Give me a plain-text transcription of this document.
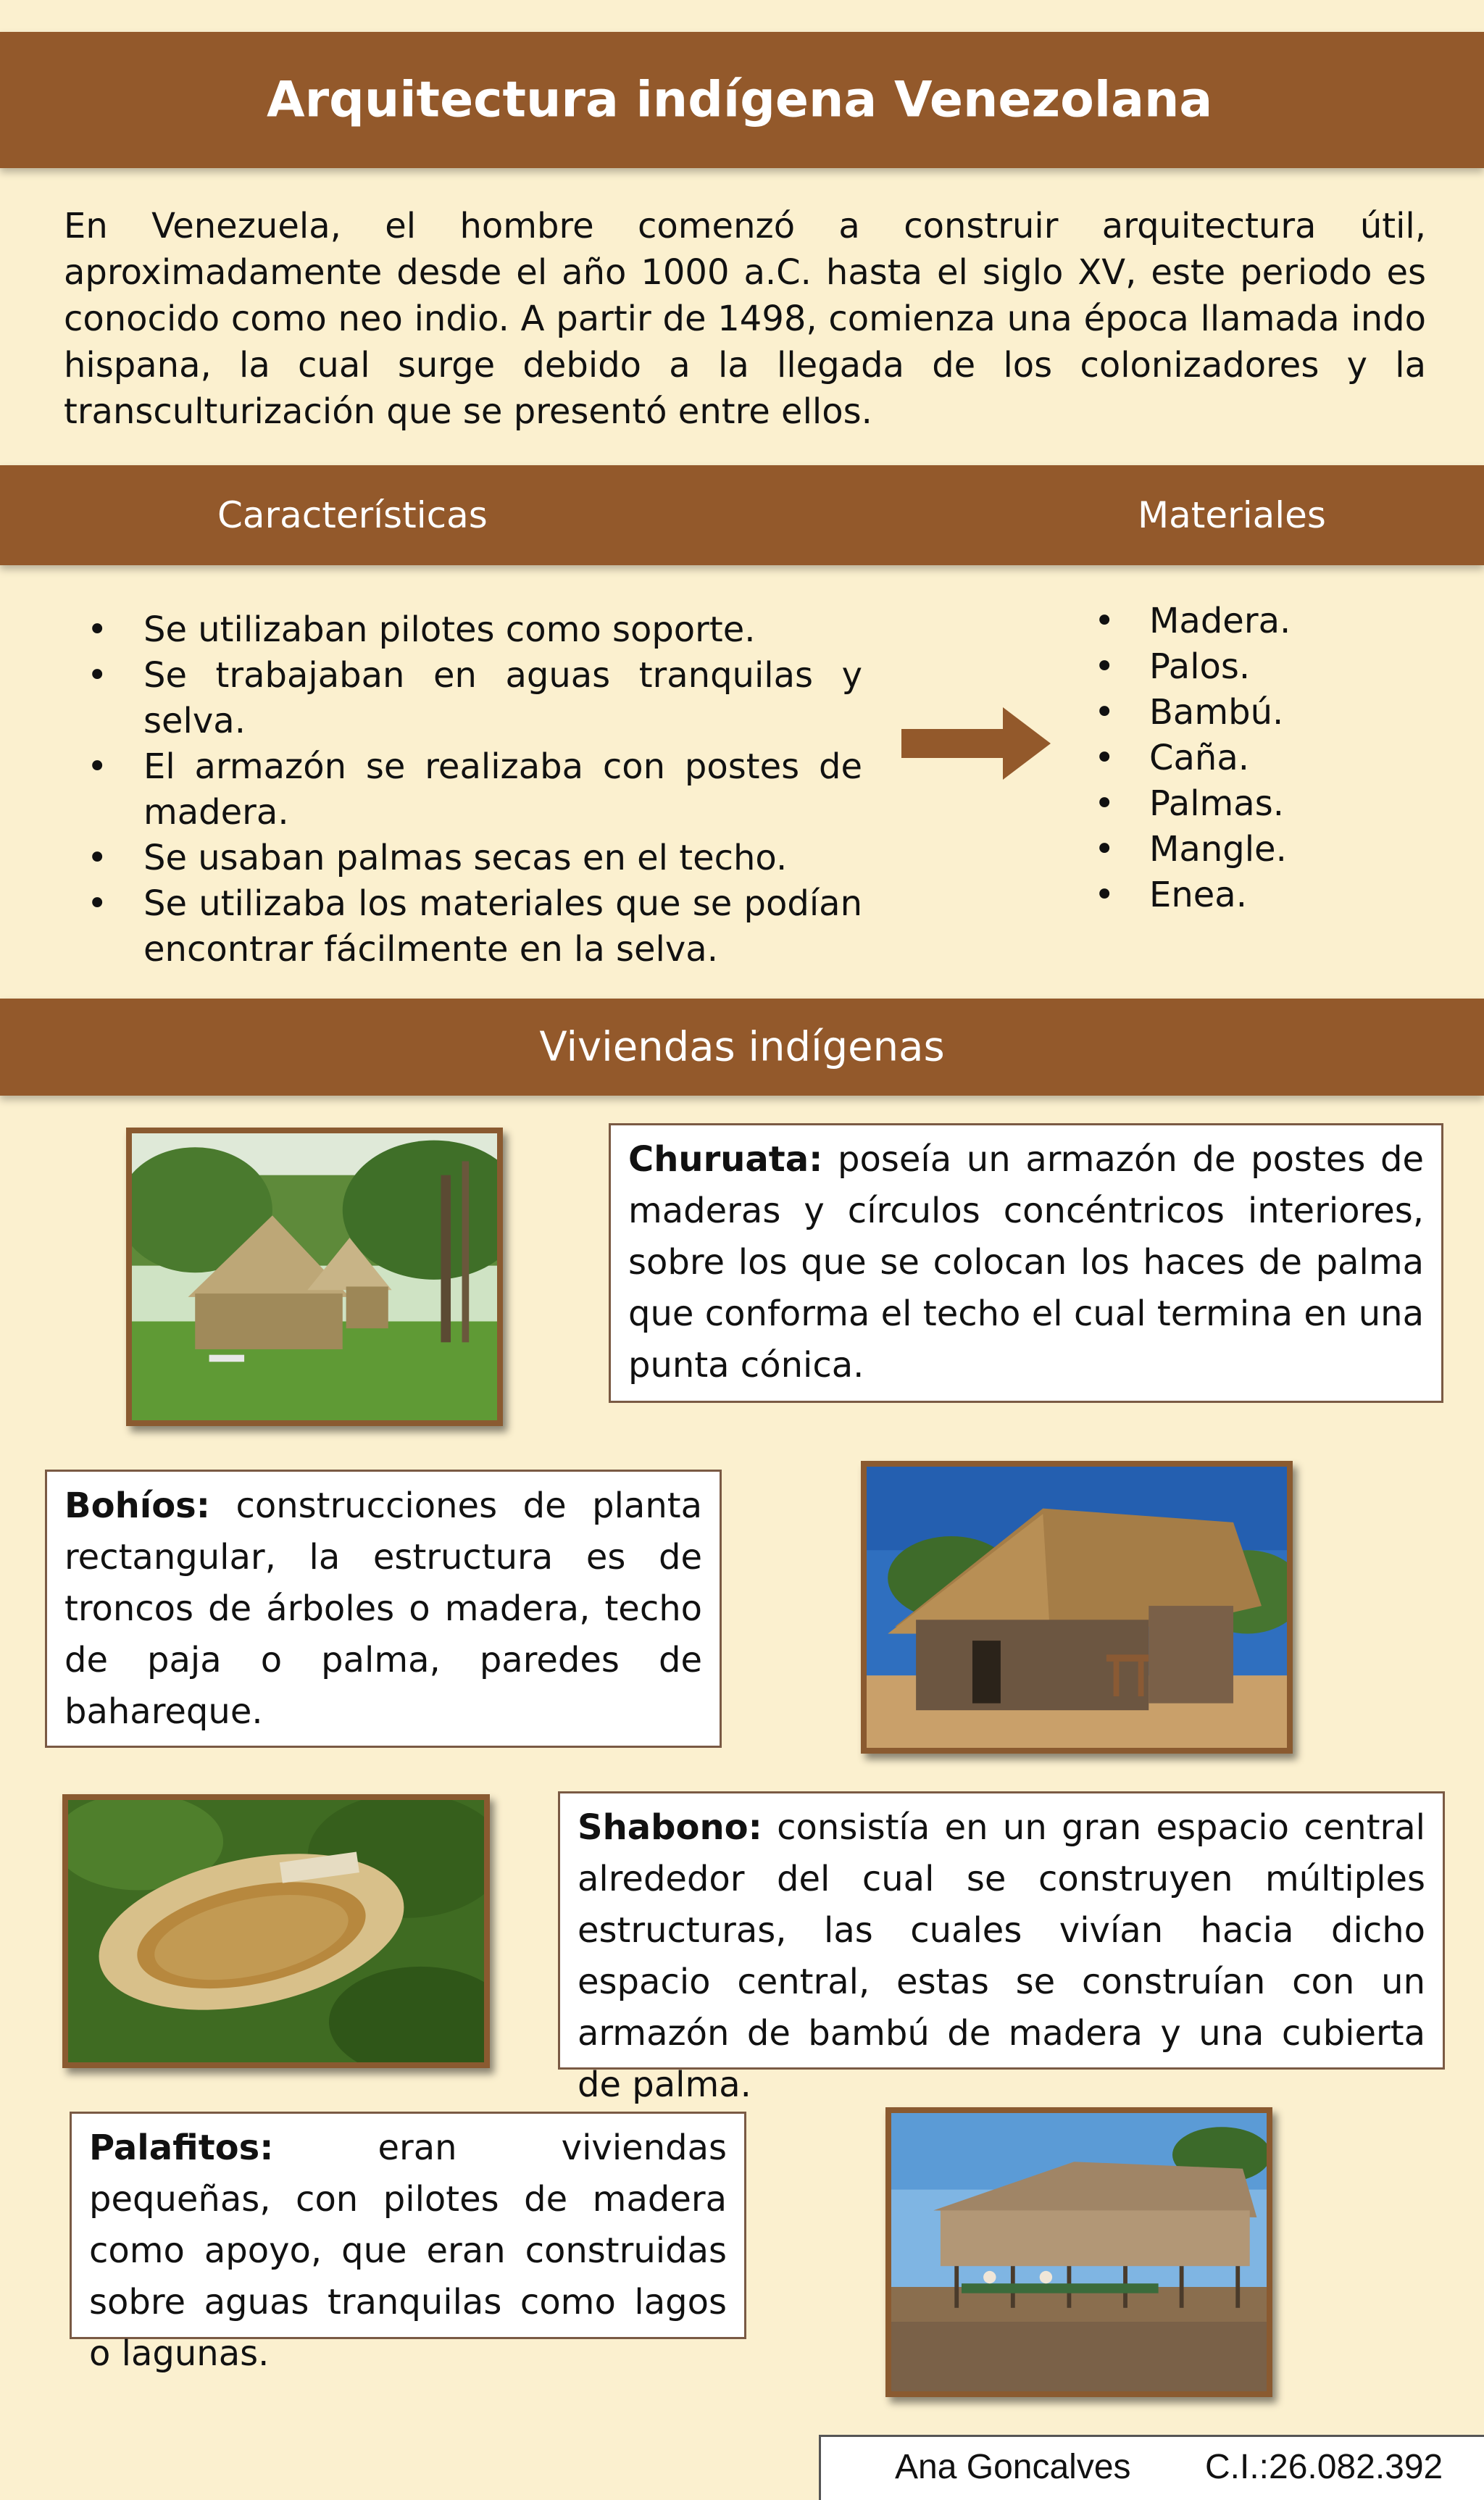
Arquitectura indígena Venezolana
En Venezuela, el hombre comenzó a construir arquitectura útil, aproximadamente desde el año 1000 a.C. hasta el siglo XV, este periodo es conocido como neo indio. A partir de 1498, comienza una época llamada indo hispana, la cual surge debido a la llegada de los colonizadores y la transculturización que se presentó entre ellos.
Características	Materiales
• Se utilizaban pilotes como soporte.
• Se trabajaban en aguas tranquilas y selva.
• El armazón se realizaba con postes de madera.
• Se usaban palmas secas en el techo.
• Se utilizaba los materiales que se podían encontrar fácilmente en la selva.
• Madera.
• Palos.
• Bambú.
• Caña.
• Palmas.
• Mangle.
• Enea.
Viviendas indígenas
Churuata: poseía un armazón de postes de maderas y círculos concéntricos interiores, sobre los que se colocan los haces de palma que conforma el techo el cual termina en una punta cónica.
Bohíos: construcciones de planta rectangular, la estructura es de troncos de árboles o madera, techo de paja o palma, paredes de bahareque.
Shabono: consistía en un gran espacio central alrededor del cual se construyen múltiples estructuras, las cuales vivían hacia dicho espacio central, estas se construían con un armazón de bambú de madera y una cubierta de palma.
Palafitos: eran viviendas pequeñas, con pilotes de madera como apoyo, que eran construidas sobre aguas tranquilas como lagos o lagunas.
Ana Goncalves C.I.:26.082.392
